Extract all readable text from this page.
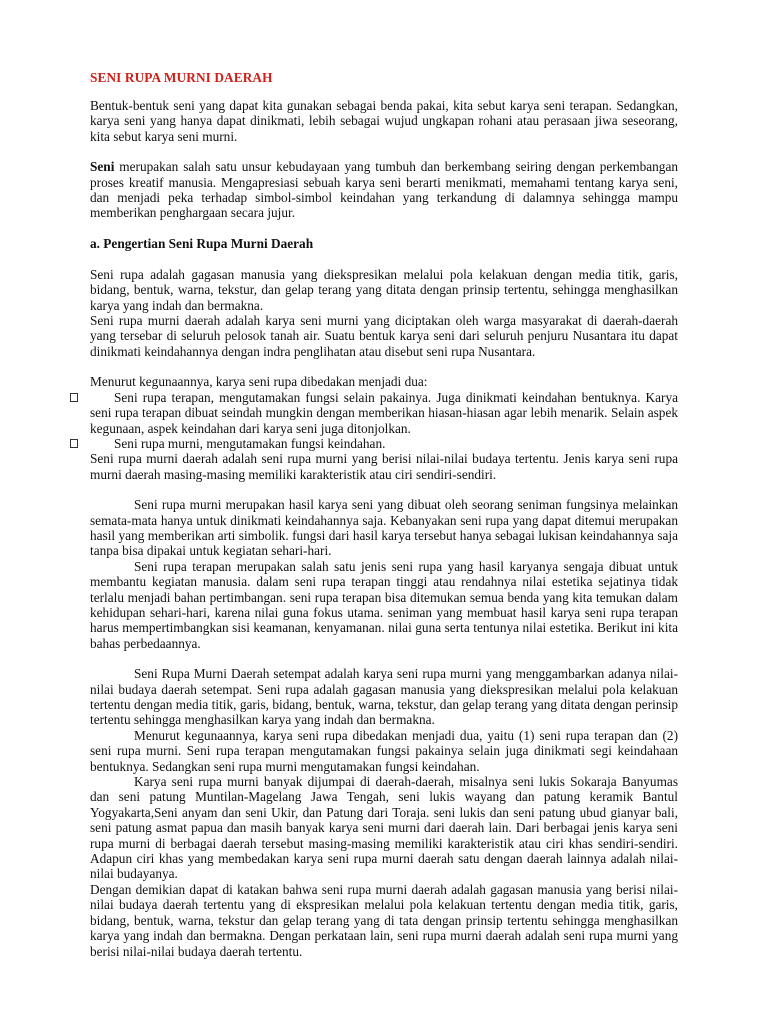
SENI RUPA MURNI DAERAH

Bentuk-bentuk seni yang dapat kita gunakan sebagai benda pakai, kita sebut karya seni terapan. Sedangkan, karya seni yang hanya dapat dinikmati, lebih sebagai wujud ungkapan rohani atau perasaan jiwa seseorang, kita sebut karya seni murni.

Seni merupakan salah satu unsur kebudayaan yang tumbuh dan berkembang seiring dengan perkembangan proses kreatif manusia. Mengapresiasi sebuah karya seni berarti menikmati, memahami tentang karya seni, dan menjadi peka terhadap simbol-simbol keindahan yang terkandung di dalamnya sehingga mampu memberikan penghargaan secara jujur.

a. Pengertian Seni Rupa Murni Daerah

Seni rupa adalah gagasan manusia yang diekspresikan melalui pola kelakuan dengan media titik, garis, bidang, bentuk, warna, tekstur, dan gelap terang yang ditata dengan prinsip tertentu, sehingga menghasilkan karya yang indah dan bermakna.

Seni rupa murni daerah adalah karya seni murni yang diciptakan oleh warga masyarakat di daerah-daerah yang tersebar di seluruh pelosok tanah air. Suatu bentuk karya seni dari seluruh penjuru Nusantara itu dapat dinikmati keindahannya dengan indra penglihatan atau disebut seni rupa Nusantara.

Menurut kegunaannya, karya seni rupa dibedakan menjadi dua:

Seni rupa terapan, mengutamakan fungsi selain pakainya. Juga dinikmati keindahan bentuknya. Karya seni rupa terapan dibuat seindah mungkin dengan memberikan hiasan-hiasan agar lebih menarik. Selain aspek kegunaan, aspek keindahan dari karya seni juga ditonjolkan.

Seni rupa murni, mengutamakan fungsi keindahan.

Seni rupa murni daerah adalah seni rupa murni yang berisi nilai-nilai budaya tertentu. Jenis karya seni rupa murni daerah masing-masing memiliki karakteristik atau ciri sendiri-sendiri.

Seni rupa murni merupakan hasil karya seni yang dibuat oleh seorang seniman fungsinya melainkan semata-mata hanya untuk dinikmati keindahannya saja. Kebanyakan seni rupa yang dapat ditemui merupakan hasil yang memberikan arti simbolik. fungsi dari hasil karya tersebut hanya sebagai lukisan keindahannya saja tanpa bisa dipakai untuk kegiatan sehari-hari.

Seni rupa terapan merupakan salah satu jenis seni rupa yang hasil karyanya sengaja dibuat untuk membantu kegiatan manusia. dalam seni rupa terapan tinggi atau rendahnya nilai estetika sejatinya tidak terlalu menjadi bahan pertimbangan. seni rupa terapan bisa ditemukan semua benda yang kita temukan dalam kehidupan sehari-hari, karena nilai guna fokus utama. seniman yang membuat hasil karya seni rupa terapan harus mempertimbangkan sisi keamanan, kenyamanan. nilai guna serta tentunya nilai estetika. Berikut ini kita bahas perbedaannya.

Seni Rupa Murni Daerah setempat adalah karya seni rupa murni yang menggambarkan adanya nilai-nilai budaya daerah setempat. Seni rupa adalah gagasan manusia yang diekspresikan melalui pola kelakuan tertentu dengan media titik, garis, bidang, bentuk, warna, tekstur, dan gelap terang yang ditata dengan perinsip tertentu sehingga menghasilkan karya yang indah dan bermakna.

Menurut kegunaannya, karya seni rupa dibedakan menjadi dua, yaitu (1) seni rupa terapan dan (2) seni rupa murni. Seni rupa terapan mengutamakan fungsi pakainya selain juga dinikmati segi keindahaan bentuknya. Sedangkan seni rupa murni mengutamakan fungsi keindahan.

Karya seni rupa murni banyak dijumpai di daerah-daerah, misalnya seni lukis Sokaraja Banyumas dan seni patung Muntilan-Magelang Jawa Tengah, seni lukis wayang dan patung keramik Bantul Yogyakarta,Seni anyam dan seni Ukir, dan Patung dari Toraja. seni lukis dan seni patung ubud gianyar bali, seni patung asmat papua dan masih banyak karya seni murni dari daerah lain. Dari berbagai jenis karya seni rupa murni di berbagai daerah tersebut masing-masing memiliki karakteristik atau ciri khas sendiri-sendiri. Adapun ciri khas yang membedakan karya seni rupa murni daerah satu dengan daerah lainnya adalah nilai-nilai budayanya.

Dengan demikian dapat di katakan bahwa seni rupa murni daerah adalah gagasan manusia yang berisi nilai-nilai budaya daerah tertentu yang di ekspresikan melalui pola kelakuan tertentu dengan media titik, garis, bidang, bentuk, warna, tekstur dan gelap terang yang di tata dengan prinsip tertentu sehingga menghasilkan karya yang indah dan bermakna. Dengan perkataan lain, seni rupa murni daerah adalah seni rupa murni yang berisi nilai-nilai budaya daerah tertentu.
